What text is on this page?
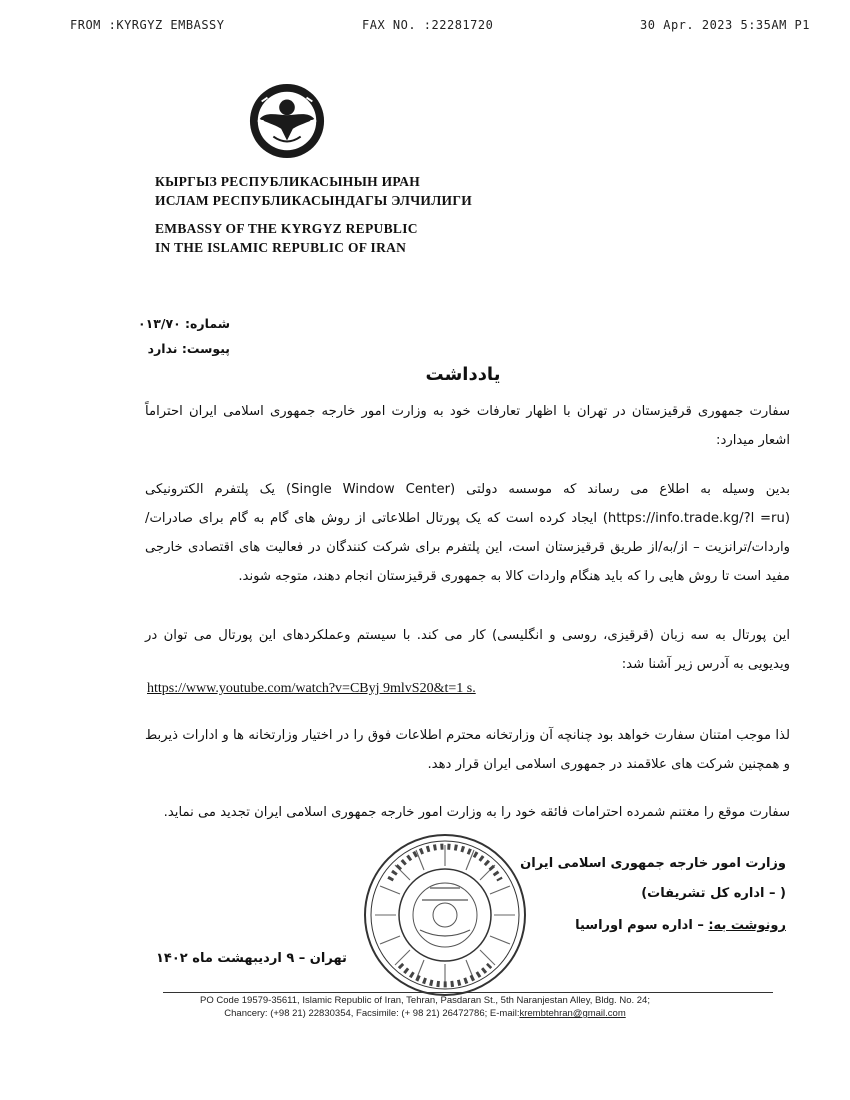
FROM :KYRGYZ EMBASSY	FAX NO. :22281720	30 Apr. 2023 5:35AM P1
КЫРГЫЗ РЕСПУБЛИКАСЫНЫН ИРАН
ИСЛАМ РЕСПУБЛИКАСЫНДАГЫ ЭЛЧИЛИГИ
EMBASSY OF THE KYRGYZ REPUBLIC
IN THE ISLAMIC REPUBLIC OF IRAN
شماره: ۰۱۳/۷۰
پیوست: ندارد
یادداشت
سفارت جمهوری قرقیزستان در تهران با اظهار تعارفات خود به وزارت امور خارجه جمهوری اسلامی ایران احتراماً اشعار میدارد:
بدین وسیله به اطلاع می رساند که موسسه دولتی (Single Window Center) یک پلتفرم الکترونیکی (https://info.trade.kg/?l =ru) ایجاد کرده است که یک پورتال اطلاعاتی از روش های گام به گام برای صادرات/واردات/ترانزیت – از/به/از طریق قرقیزستان است، این پلتفرم برای شرکت کنندگان در فعالیت های اقتصادی خارجی مفید است تا روش هایی را که باید هنگام واردات کالا به جمهوری قرقیزستان انجام دهند، متوجه شوند.
این پورتال به سه زبان (قرقیزی، روسی و انگلیسی) کار می کند. با سیستم وعملکردهای این پورتال می توان در ویدیویی به آدرس زیر آشنا شد:
https://www.youtube.com/watch?v=CByj 9mlvS20&t=1 s.
لذا موجب امتنان سفارت خواهد بود چنانچه آن وزارتخانه محترم اطلاعات فوق را در اختیار وزارتخانه ها و ادارات ذیربط و همچنین شرکت های علاقمند در جمهوری اسلامی ایران قرار دهد.
سفارت موقع را مغتنم شمرده احترامات فائقه خود را به وزارت امور خارجه جمهوری اسلامی ایران تجدید می نماید.
وزارت امور خارجه جمهوری اسلامی ایران
( – اداره کل تشریفات)
رونوشت به: – اداره سوم اوراسیا
تهران – ۹ اردیبهشت ماه ۱۴۰۲
PO Code 19579-35611, Islamic Republic of Iran, Tehran, Pasdaran St., 5th Naranjestan Alley, Bldg. No. 24;
Chancery: (+98 21) 22830354, Facsimile: (+ 98 21) 26472786; E-mail:krembtehran@gmail.com
